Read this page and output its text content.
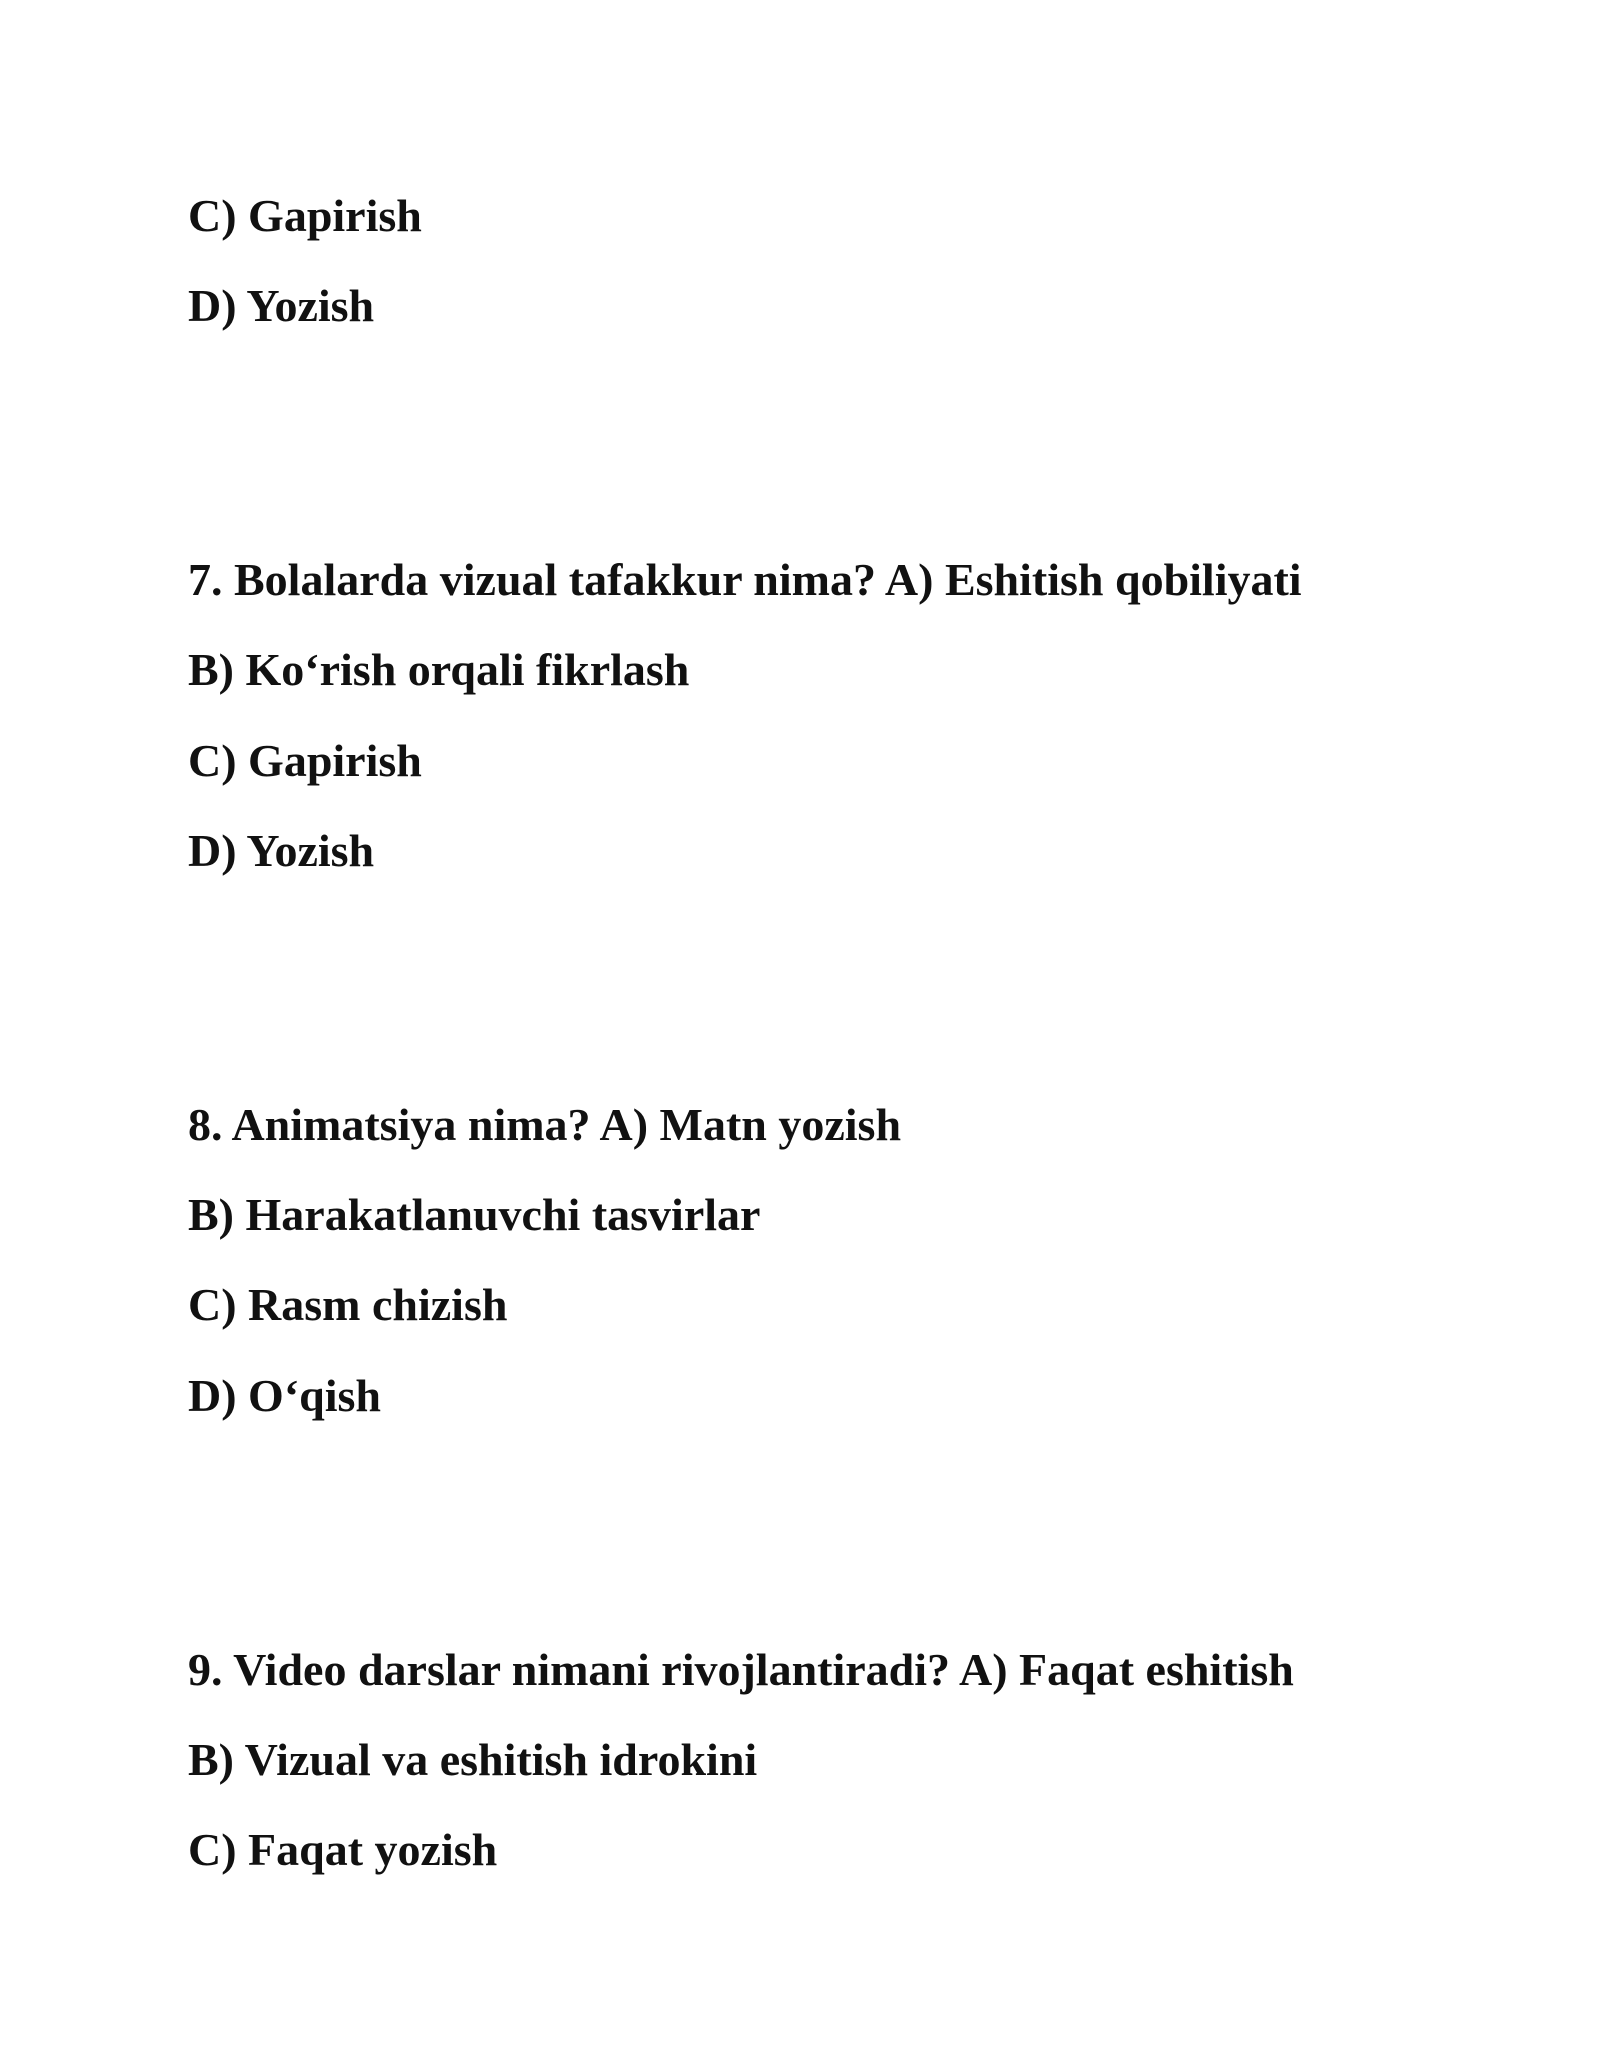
C) Gapirish
D) Yozish
7. Bolalarda vizual tafakkur nima? A) Eshitish qobiliyati
B) Ko‘rish orqali fikrlash
C) Gapirish
D) Yozish
8. Animatsiya nima? A) Matn yozish
B) Harakatlanuvchi tasvirlar
C) Rasm chizish
D) O‘qish
9. Video darslar nimani rivojlantiradi? A) Faqat eshitish
B) Vizual va eshitish idrokini
C) Faqat yozish
